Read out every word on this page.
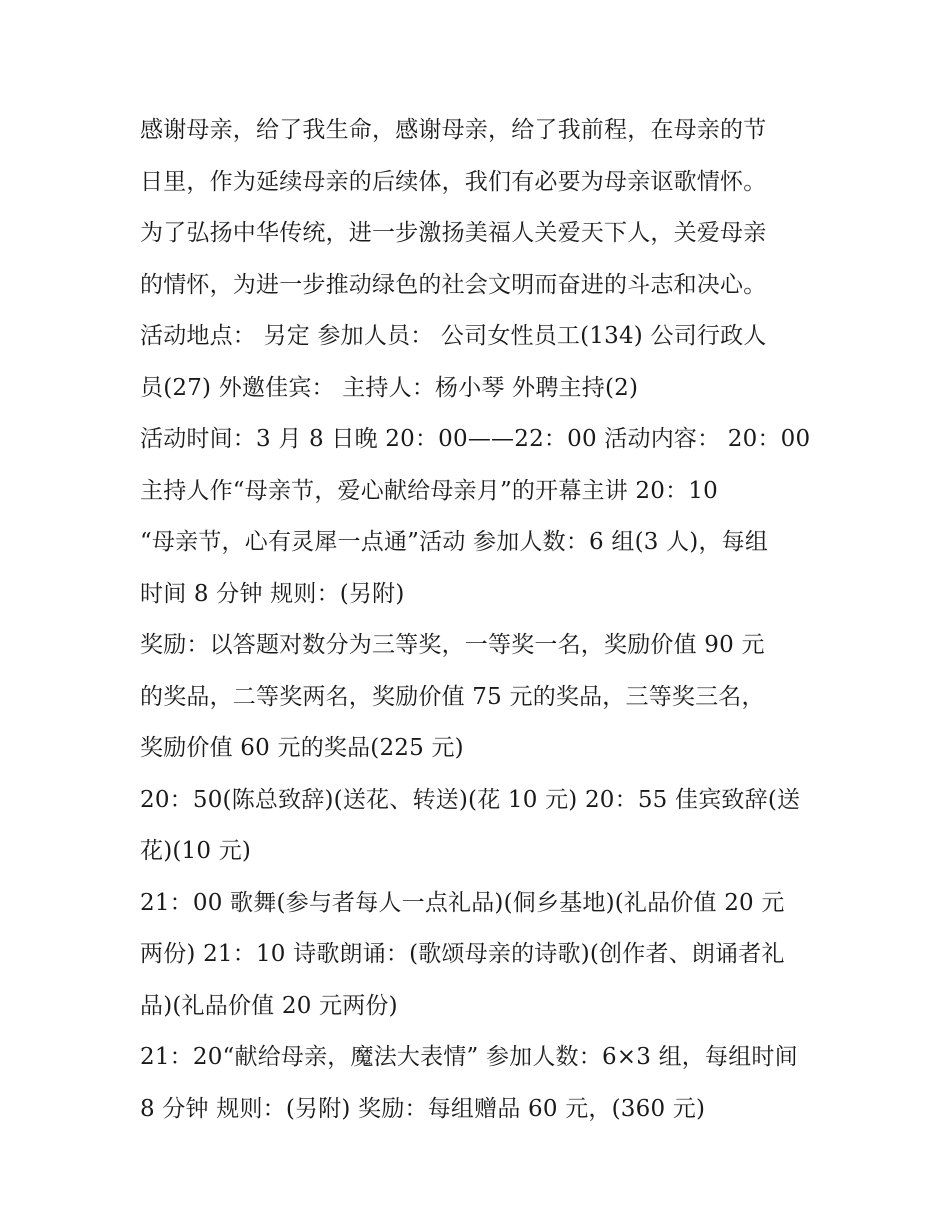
感谢母亲，给了我生命，感谢母亲，给了我前程，在母亲的节
日里，作为延续母亲的后续体，我们有必要为母亲讴歌情怀。
为了弘扬中华传统，进一步激扬美福人关爱天下人，关爱母亲
的情怀，为进一步推动绿色的社会文明而奋进的斗志和决心。
活动地点： 另定 参加人员： 公司女性员工(134) 公司行政人
员(27) 外邀佳宾： 主持人：杨小琴 外聘主持(2)
活动时间：3 月 8 日晚 20：00——22：00 活动内容： 20：00
主持人作“母亲节，爱心献给母亲月”的开幕主讲 20：10
“母亲节，心有灵犀一点通”活动 参加人数：6 组(3 人)，每组
时间 8 分钟 规则：(另附)
奖励：以答题对数分为三等奖，一等奖一名，奖励价值 90 元
的奖品，二等奖两名，奖励价值 75 元的奖品，三等奖三名，
奖励价值 60 元的奖品(225 元)
20：50(陈总致辞)(送花、转送)(花 10 元) 20：55 佳宾致辞(送
花)(10 元)
21：00 歌舞(参与者每人一点礼品)(侗乡基地)(礼品价值 20 元
两份) 21：10 诗歌朗诵：(歌颂母亲的诗歌)(创作者、朗诵者礼
品)(礼品价值 20 元两份)
21：20“献给母亲，魔法大表情” 参加人数：6×3 组，每组时间
8 分钟 规则：(另附) 奖励：每组赠品 60 元，(360 元)
